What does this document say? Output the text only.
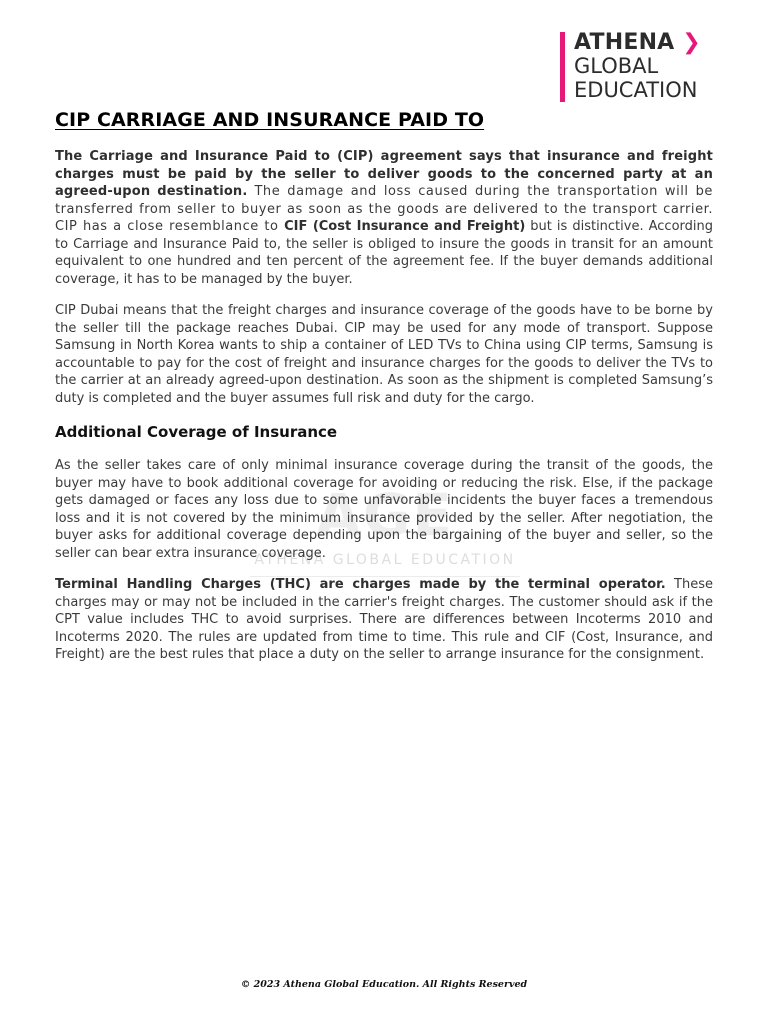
ATHENA ❯
GLOBAL
EDUCATION
AGE
ATHENA GLOBAL EDUCATION
CIP CARRIAGE AND INSURANCE PAID TO

The Carriage and Insurance Paid to (CIP) agreement says that insurance and freight charges must be paid by the seller to deliver goods to the concerned party at an agreed-upon destination. The damage and loss caused during the transportation will be transferred from seller to buyer as soon as the goods are delivered to the transport carrier. CIP has a close resemblance to CIF (Cost Insurance and Freight) but is distinctive. According to Carriage and Insurance Paid to, the seller is obliged to insure the goods in transit for an amount equivalent to one hundred and ten percent of the agreement fee. If the buyer demands additional coverage, it has to be managed by the buyer.

CIP Dubai means that the freight charges and insurance coverage of the goods have to be borne by the seller till the package reaches Dubai. CIP may be used for any mode of transport. Suppose Samsung in North Korea wants to ship a container of LED TVs to China using CIP terms, Samsung is accountable to pay for the cost of freight and insurance charges for the goods to deliver the TVs to the carrier at an already agreed-upon destination. As soon as the shipment is completed Samsung’s duty is completed and the buyer assumes full risk and duty for the cargo.

Additional Coverage of Insurance

As the seller takes care of only minimal insurance coverage during the transit of the goods, the buyer may have to book additional coverage for avoiding or reducing the risk. Else, if the package gets damaged or faces any loss due to some unfavorable incidents the buyer faces a tremendous loss and it is not covered by the minimum insurance provided by the seller. After negotiation, the buyer asks for additional coverage depending upon the bargaining of the buyer and seller, so the seller can bear extra insurance coverage.

Terminal Handling Charges (THC) are charges made by the terminal operator. These charges may or may not be included in the carrier's freight charges. The customer should ask if the CPT value includes THC to avoid surprises. There are differences between Incoterms 2010 and Incoterms 2020. The rules are updated from time to time. This rule and CIF (Cost, Insurance, and Freight) are the best rules that place a duty on the seller to arrange insurance for the consignment.

© 2023 Athena Global Education. All Rights Reserved
